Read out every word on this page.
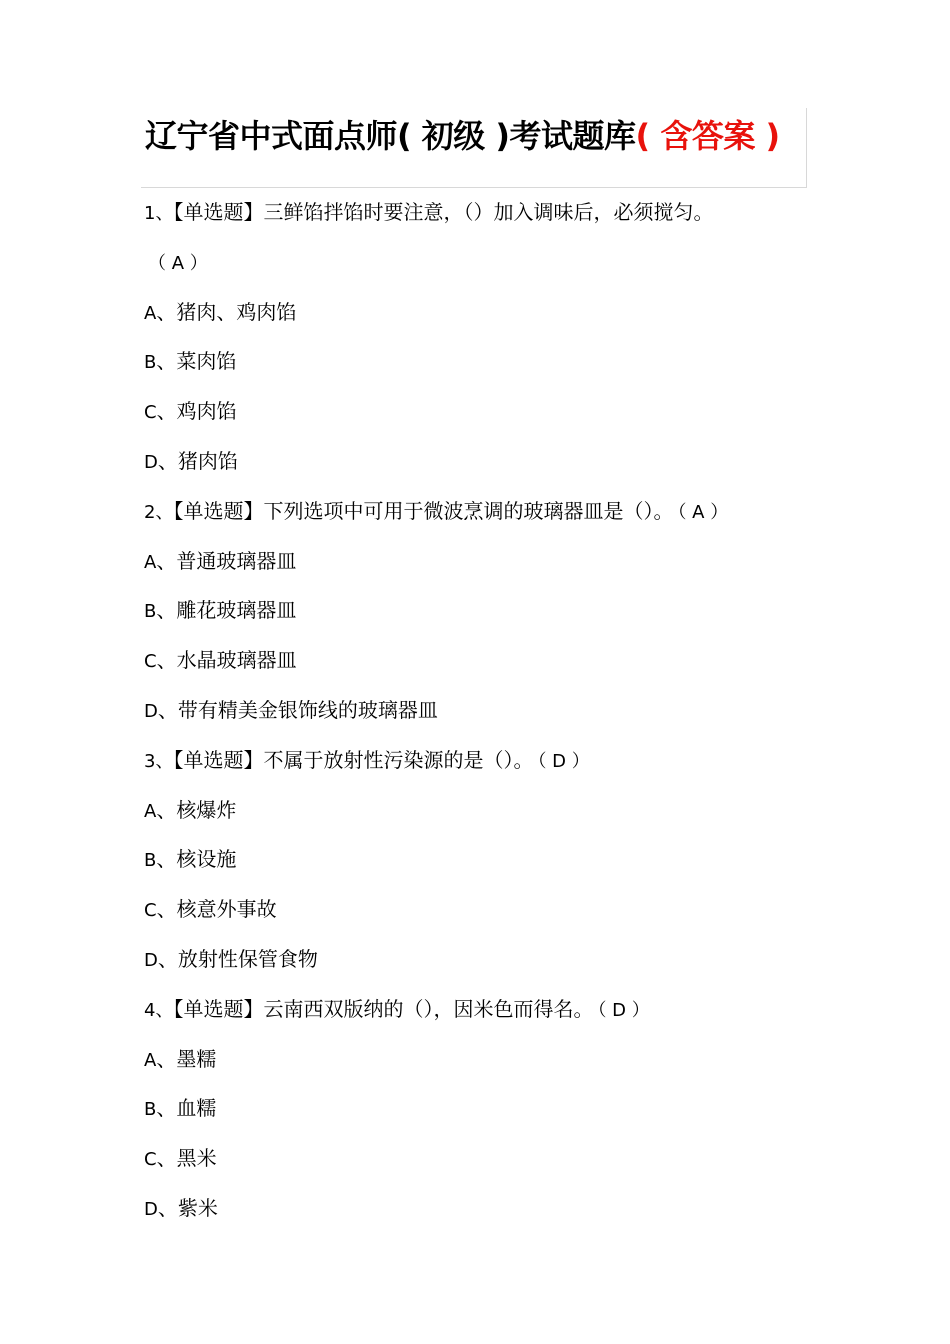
辽宁省中式面点师( 初级 )考试题库( 含答案 )
1、【单选题】三鲜馅拌馅时要注意，（）加入调味后，必须搅匀。
（ A ）
A、猪肉、鸡肉馅
B、菜肉馅
C、鸡肉馅
D、猪肉馅
2、【单选题】下列选项中可用于微波烹调的玻璃器皿是（）。 （ A ）
A、普通玻璃器皿
B、雕花玻璃器皿
C、水晶玻璃器皿
D、带有精美金银饰线的玻璃器皿
3、【单选题】不属于放射性污染源的是（）。 （ D ）
A、核爆炸
B、核设施
C、核意外事故
D、放射性保管食物
4、【单选题】云南西双版纳的（），因米色而得名。 （ D ）
A、墨糯
B、血糯
C、黑米
D、紫米
